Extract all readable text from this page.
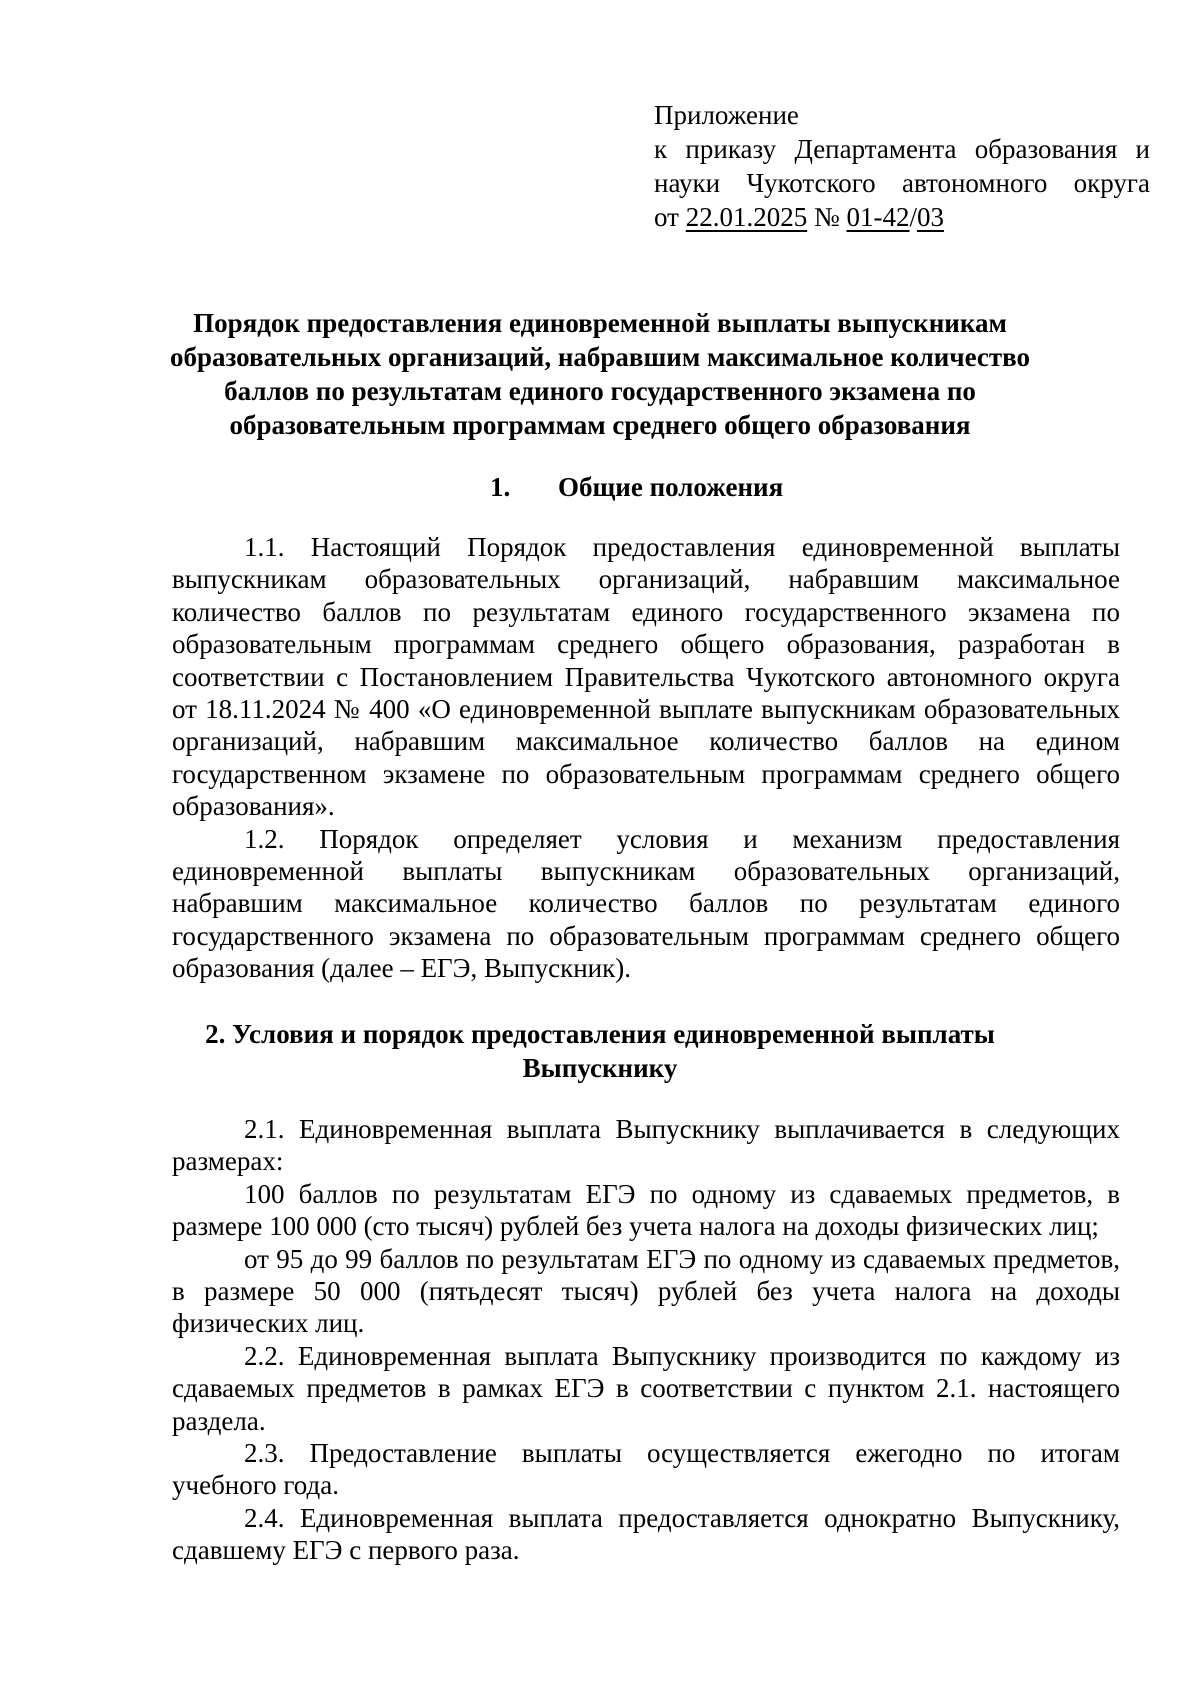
Приложение
к приказу Департамента образования и
науки Чукотского автономного округа
от 22.01.2025 № 01-42/03
Порядок предоставления единовременной выплаты выпускникам
образовательных организаций, набравшим максимальное количество
баллов по результатам единого государственного экзамена по
образовательным программам среднего общего образования
1. Общие положения

1.1. Настоящий Порядок предоставления единовременной выплаты выпускникам образовательных организаций, набравшим максимальное количество баллов по результатам единого государственного экзамена по образовательным программам среднего общего образования, разработан в соответствии с Постановлением Правительства Чукотского автономного округа от 18.11.2024 № 400 «О единовременной выплате выпускникам образовательных организаций, набравшим максимальное количество баллов на едином государственном экзамене по образовательным программам среднего общего образования».

1.2. Порядок определяет условия и механизм предоставления единовременной выплаты выпускникам образовательных организаций, набравшим максимальное количество баллов по результатам единого государственного экзамена по образовательным программам среднего общего образования (далее – ЕГЭ, Выпускник).

2. Условия и порядок предоставления единовременной выплаты
Выпускнику

2.1. Единовременная выплата Выпускнику выплачивается в следующих размерах:

100 баллов по результатам ЕГЭ по одному из сдаваемых предметов, в размере 100 000 (сто тысяч) рублей без учета налога на доходы физических лиц;

от 95 до 99 баллов по результатам ЕГЭ по одному из сдаваемых предметов, в размере 50 000 (пятьдесят тысяч) рублей без учета налога на доходы физических лиц.

2.2. Единовременная выплата Выпускнику производится по каждому из сдаваемых предметов в рамках ЕГЭ в соответствии с пунктом 2.1. настоящего раздела.

2.3. Предоставление выплаты осуществляется ежегодно по итогам учебного года.

2.4. Единовременная выплата предоставляется однократно Выпускнику, сдавшему ЕГЭ с первого раза.
